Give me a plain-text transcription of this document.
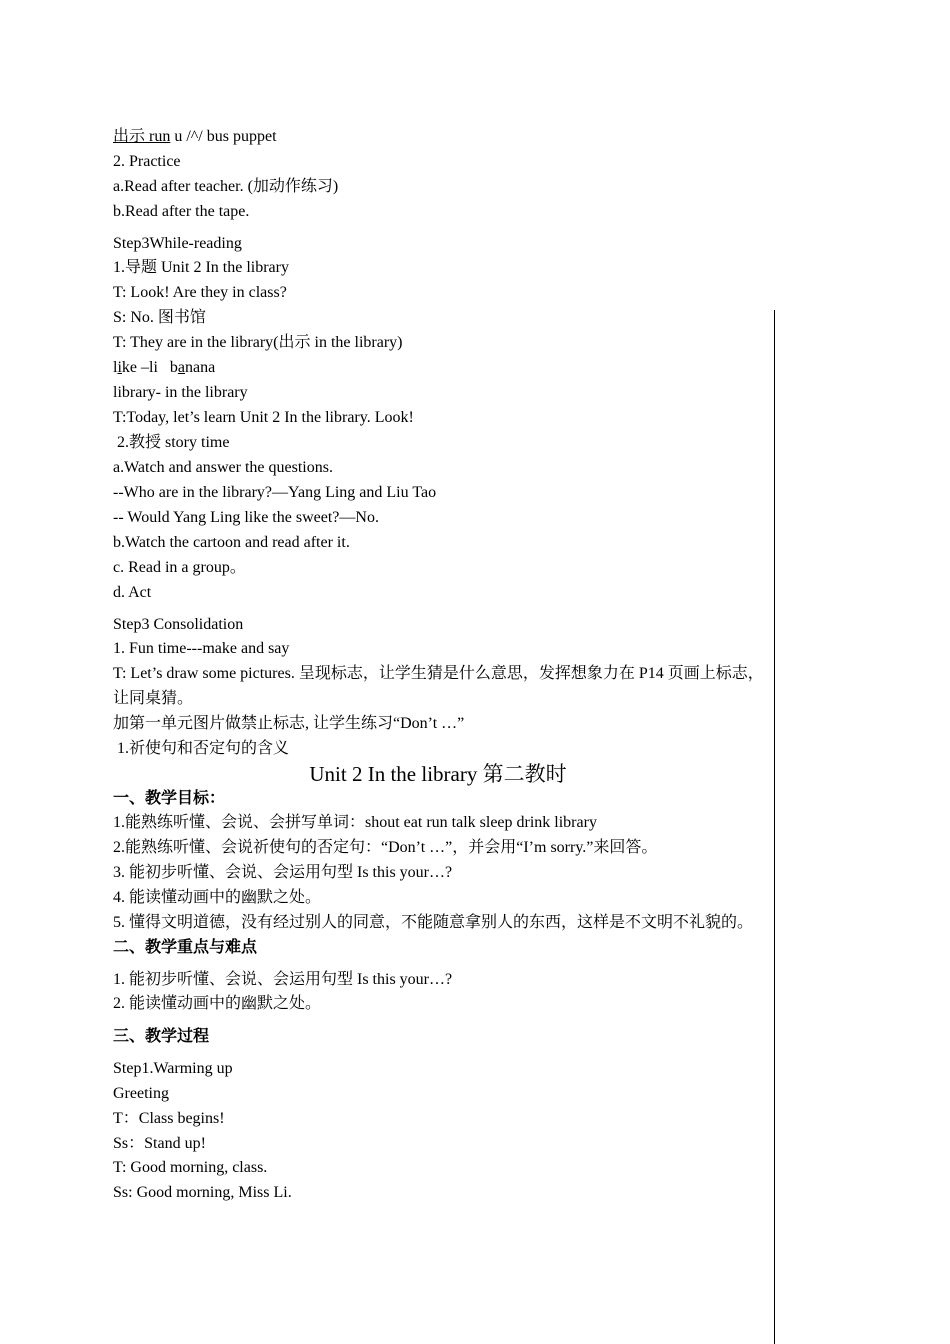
出示 run u /^/ bus puppet
2. Practice
a.Read after teacher. (加动作练习)
b.Read after the tape.
Step3While-reading
1.导题 Unit 2 In the library
T: Look! Are they in class?
S: No. 图书馆
T: They are in the library(出示 in the library)
like –li   banana
library- in the library
T:Today, let’s learn Unit 2 In the library. Look!
2.教授 story time
a.Watch and answer the questions.
--Who are in the library?—Yang Ling and Liu Tao
-- Would Yang Ling like the sweet?—No.
b.Watch the cartoon and read after it.
c. Read in a group。
d. Act
Step3 Consolidation
1. Fun time---make and say
T: Let’s draw some pictures. 呈现标志，让学生猜是什么意思，发挥想象力在 P14 页画上标志，
让同桌猜。
加第一单元图片做禁止标志, 让学生练习“Don’t …”
1.祈使句和否定句的含义
Unit 2 In the library 第二教时
一、教学目标：
1.能熟练听懂、会说、会拼写单词：shout eat run talk sleep drink library
2.能熟练听懂、会说祈使句的否定句：“Don’t …”，并会用“I’m sorry.”来回答。
3. 能初步听懂、会说、会运用句型 Is this your…?
4. 能读懂动画中的幽默之处。
5. 懂得文明道德，没有经过别人的同意，不能随意拿别人的东西，这样是不文明不礼貌的。
二、教学重点与难点
1. 能初步听懂、会说、会运用句型 Is this your…?
2. 能读懂动画中的幽默之处。
三、教学过程
Step1.Warming up
Greeting
T：Class begins!
Ss：Stand up!
T: Good morning, class.
Ss: Good morning, Miss Li.
